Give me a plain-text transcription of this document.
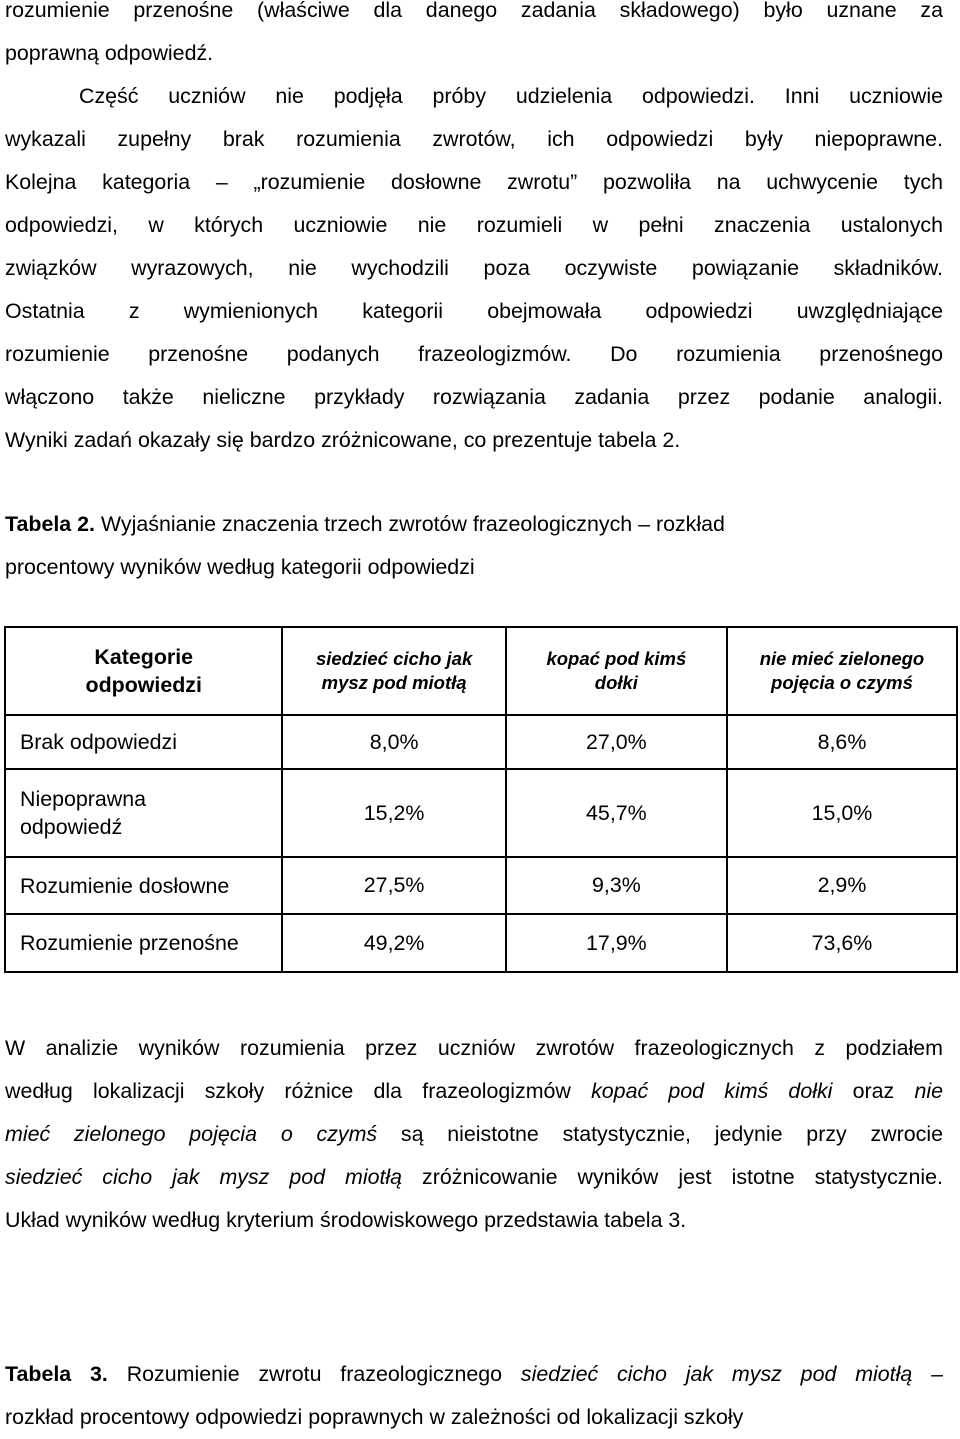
rozumienie przenośne (właściwe dla danego zadania składowego) było uznane za
poprawną odpowiedź.
Część uczniów nie podjęła próby udzielenia odpowiedzi. Inni uczniowie
wykazali zupełny brak rozumienia zwrotów, ich odpowiedzi były niepoprawne.
Kolejna kategoria – „rozumienie dosłowne zwrotu” pozwoliła na uchwycenie tych
odpowiedzi, w których uczniowie nie rozumieli w pełni znaczenia ustalonych
związków wyrazowych, nie wychodzili poza oczywiste powiązanie składników.
Ostatnia z wymienionych kategorii obejmowała odpowiedzi uwzględniające
rozumienie przenośne podanych frazeologizmów. Do rozumienia przenośnego
włączono także nieliczne przykłady rozwiązania zadania przez podanie analogii.
Wyniki zadań okazały się bardzo zróżnicowane, co prezentuje tabela 2.
Tabela 2. Wyjaśnianie znaczenia trzech zwrotów frazeologicznych – rozkład
procentowy wyników według kategorii odpowiedzi
Kategorie odpowiedzi	siedzieć cicho jak mysz pod miotłą	kopać pod kimś dołki	nie mieć zielonego pojęcia o czymś
Brak odpowiedzi	8,0%	27,0%	8,6%
Niepoprawna odpowiedź	15,2%	45,7%	15,0%
Rozumienie dosłowne	27,5%	9,3%	2,9%
Rozumienie przenośne	49,2%	17,9%	73,6%
W analizie wyników rozumienia przez uczniów zwrotów frazeologicznych z podziałem
według lokalizacji szkoły różnice dla frazeologizmów kopać pod kimś dołki oraz nie
mieć zielonego pojęcia o czymś są nieistotne statystycznie, jedynie przy zwrocie
siedzieć cicho jak mysz pod miotłą zróżnicowanie wyników jest istotne statystycznie.
Układ wyników według kryterium środowiskowego przedstawia tabela 3.
Tabela 3. Rozumienie zwrotu frazeologicznego siedzieć cicho jak mysz pod miotłą –
rozkład procentowy odpowiedzi poprawnych w zależności od lokalizacji szkoły
